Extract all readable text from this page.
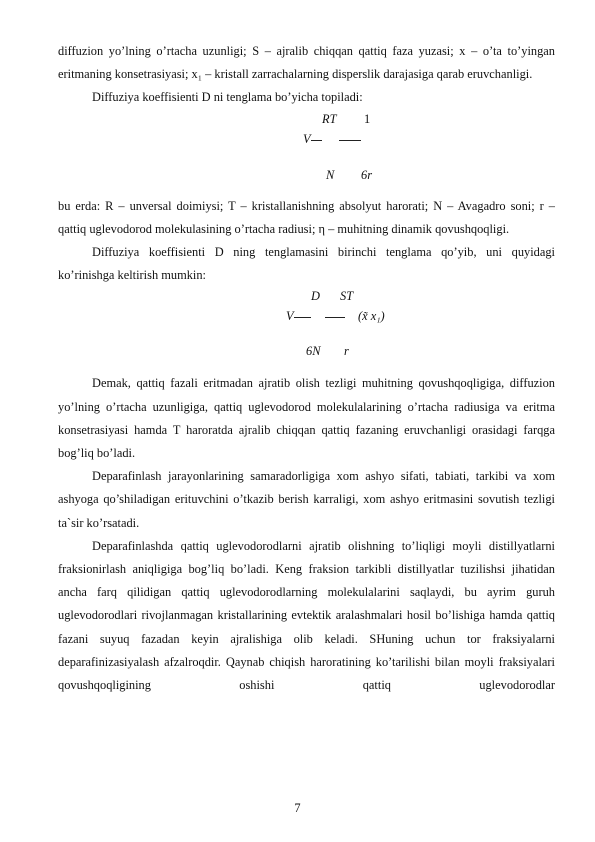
diffuzion yo’lning o’rtacha uzunligi; S – ajralib chiqqan qattiq faza yuzasi; x – o’ta to’yingan eritmaning konsetrasiyasi; x₁ – kristall zarrachalarning disperslik darajasiga qarab eruvchanligi.

Diffuziya koeffisienti D ni tenglama bo’yicha topiladi:

RT 1
V
N 6r

bu erda: R – unversal doimiysi; T – kristallanishning absolyut harorati; N – Avagadro soni; r – qattiq uglevodorod molekulasining o’rtacha radiusi; η – muhitning dinamik qovushqoqligi.

Diffuziya koeffisienti D ning tenglamasini birinchi tenglama qo’yib, uni quyidagi ko’rinishga keltirish mumkin:

D ST
V	(x̃ x₁)
6N r

Demak, qattiq fazali eritmadan ajratib olish tezligi muhitning qovushqoqligiga, diffuzion yo’lning o’rtacha uzunligiga, qattiq uglevodorod molekulalarining o’rtacha radiusiga va eritma konsetrasiyasi hamda T haroratda ajralib chiqqan qattiq fazaning eruvchanligi orasidagi farqga bog’liq bo’ladi.

Deparafinlash jarayonlarining samaradorligiga xom ashyo sifati, tabiati, tarkibi va xom ashyoga qo’shiladigan erituvchini o’tkazib berish karraligi, xom ashyo eritmasini sovutish tezligi ta`sir ko’rsatadi.

Deparafinlashda qattiq uglevodorodlarni ajratib olishning to’liqligi moyli distillyatlarni fraksionirlash aniqligiga bog’liq bo’ladi. Keng fraksion tarkibli distillyatlar tuzilishsi jihatidan ancha farq qilidigan qattiq uglevodorodlarning molekulalarini saqlaydi, bu ayrim guruh uglevodorodlari rivojlanmagan kristallarining evtektik aralashmalari hosil bo’lishiga hamda qattiq fazani suyuq fazadan keyin ajralishiga olib keladi. SHuning uchun tor fraksiyalarni deparafinizasiyalash afzalroqdir. Qaynab chiqish haroratining ko’tarilishi bilan moyli fraksiyalari qovushqoqligining oshishi qattiq uglevodorodlar

7
